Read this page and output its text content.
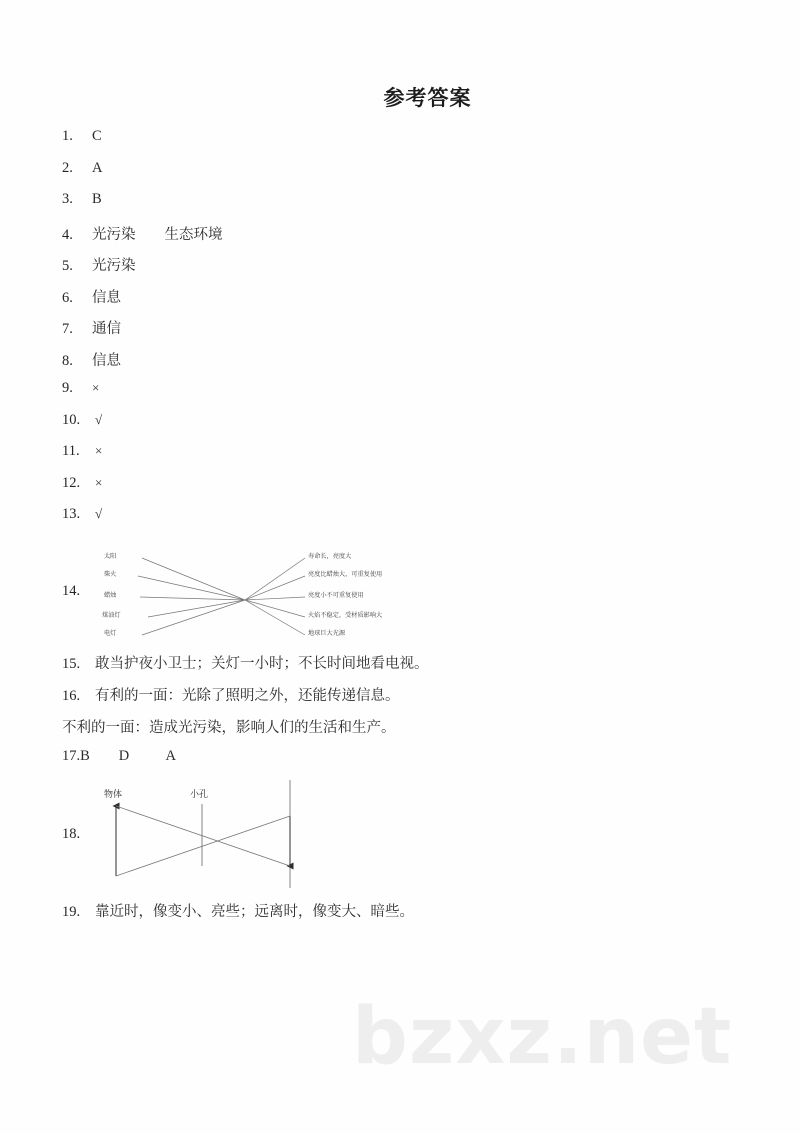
参考答案
1.	C
2.	A
3.	B
4.	光污染  生态环境
5.	光污染
6.	信息
7.	通信
8.	信息
9.	×
10.	√
11.	×
12.	×
13.	√
14.
太阳
柴火
蜡烛
煤油灯
电灯
寿命长，亮度大
亮度比蜡烛大，可重复使用
亮度小不可重复使用
火焰不稳定，受材质影响大
地球巨大光源
15.	敢当护夜小卫士；关灯一小时；不长时间地看电视。
16.	有利的一面：光除了照明之外，还能传递信息。
不利的一面：造成光污染，影响人们的生活和生产。
17.B   D   A
18.
物体	小孔
19.	靠近时，像变小、亮些；远离时，像变大、暗些。
bzxz.net
